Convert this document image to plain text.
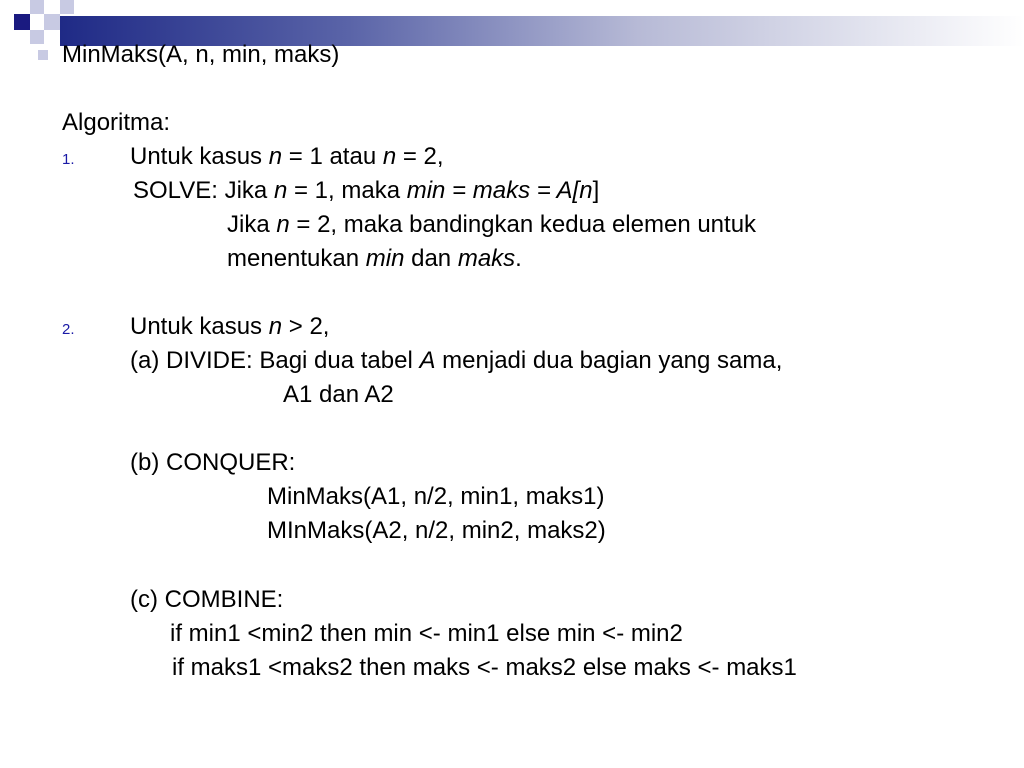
MinMaks(A, n, min, maks)
Algoritma:
1. Untuk kasus n = 1 atau n = 2,
SOLVE: Jika n = 1, maka min = maks = A[n]
Jika n = 2, maka bandingkan kedua elemen untuk
menentukan min dan maks.
2. Untuk kasus n > 2,
(a) DIVIDE: Bagi dua tabel A menjadi dua bagian yang sama,
A1 dan A2
(b) CONQUER:
MinMaks(A1, n/2, min1, maks1)
MInMaks(A2, n/2, min2, maks2)
(c) COMBINE:
if min1 <min2 then min <- min1 else min <- min2
if maks1 <maks2 then maks <- maks2 else maks <- maks1
